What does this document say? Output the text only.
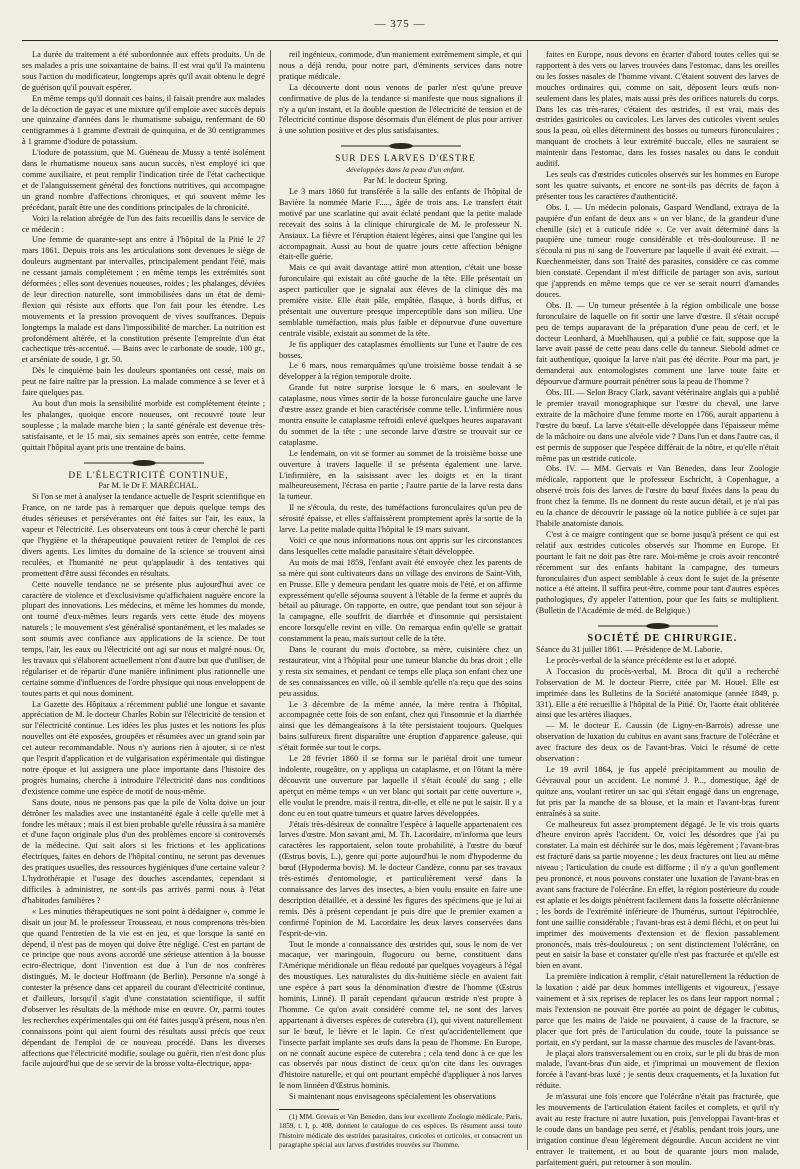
— 375 —

La durée du traitement a été subordonnée aux effets produits. Un de ses malades a pris une soixantaine de bains. Il est vrai qu'il l'a maintenu sous l'action du modificateur, longtemps après qu'il avait obtenu le degré de guérison qu'il pouvait espérer.

En même temps qu'il donnait ces bains, il faisait prendre aux malades de la décoction de gayac et une mixture qu'il emploie avec succès depuis une quinzaine d'années dans le rhumatisme subaigu, renfermant de 60 centigrammes à 1 gramme d'extrait de quinquina, et de 30 centigrammes à 1 gramme d'iodure de potassium.

L'iodure de potassium, que M. Guéneau de Mussy a tenté isolément dans le rhumatisme noueux sans aucun succès, n'est employé ici que comme auxiliaire, et peut remplir l'indication tirée de l'état cachectique et de l'alanguissement général des fonctions nutritives, qui accompagne un grand nombre d'affections chroniques, et qui souvent même les précédant, paraît être une des conditions principales de la chronicité.

Voici la relation abrégée de l'un des faits recueillis dans le service de ce médecin :

Une femme de quarante-sept ans entre à l'hôpital de la Pitié le 27 mars 1861. Depuis trois ans les articulations sont devenues le siège de douleurs augmentant par intervalles, principalement pendant l'été, mais ne cessant jamais complétement ; en même temps les extrémités sont déformées ; elles sont devenues noueuses, roides ; les phalanges, déviées de leur direction naturelle, sont immobilisées dans un état de demi-flexion qui résiste aux efforts que l'on fait pour les étendre. Les mouvements et la pression provoquent de vives souffrances. Depuis longtemps la malade est dans l'impossibilité de marcher. La nutrition est profondément altérée, et la constitution présente l'empreinte d'un état cachectique très-accentué. — Bains avec le carbonate de soude, 100 gr., et arséniate de soude, 1 gr. 50.

Dès le cinquième bain les douleurs spontanées ont cessé, mais on peut ne faire naître par la pression. La malade commence à se lever et à faire quelques pas.

Au bout d'un mois la sensibilité morbide est complétement éteinte ; les phalanges, quoique encore noueuses, ont recouvré toute leur souplesse ; la malade marche bien ; la santé générale est devenue très-satisfaisante, et le 15 mai, six semaines après son entrée, cette femme quittait l'hôpital ayant pris une trentaine de bains.

DE L'ÉLECTRICITÉ CONTINUE,

Par M. le Dr F. MARÉCHAL.

Si l'on se met à analyser la tendance actuelle de l'esprit scientifique en France, on ne tarde pas à remarquer que depuis quelque temps des études sérieuses et persévérantes ont été faites sur l'air, les eaux, la vapeur et l'électricité. Les observateurs ont tous à cœur cherché le parti que l'hygiène et la thérapeutique pouvaient retirer de l'emploi de ces divers agents. Les limites du domaine de la science se trouvent ainsi reculées, et l'humanité ne peut qu'applaudir à des tentatives qui promettent d'être aussi fécondes en résultats.

Cette nouvelle tendance ne se présente plus aujourd'hui avec ce caractère de violence et d'exclusivisme qu'affichaient naguère encore la plupart des innovations. Les médecins, et même les hommes du monde, ont tourné d'eux-mêmes leurs regards vers cette étude des moyens naturels ; le mouvement s'est généralisé spontanément, et les malades se sont soumis avec confiance aux applications de la science. De tout temps, l'air, les eaux ou l'électricité ont agi sur nous et malgré nous. Or, les travaux qui s'élaborent actuellement n'ont d'autre but que d'utiliser, de régulariser et de répartir d'une manière infiniment plus rationnelle une certaine somme d'influences de l'ordre physique qui nous enveloppent de toutes parts et qui nous dominent.

La Gazette des Hôpitaux a récemment publié une longue et savante appréciation de M. le docteur Charles Robin sur l'électricité de tension et sur l'électricité continue. Les idées les plus justes et les notions les plus nouvelles ont été exposées, groupées et résumées avec un grand soin par cet auteur recommandable. Nous n'y aurions rien à ajouter, si ce n'est que l'esprit d'application et de vulgarisation expérimentale qui distingue notre époque et lui assignera une place importante dans l'histoire des progrès humains, cherche à introduire l'électricité dans nos conditions d'existence comme une espèce de motif de nous-même.

Sans doute, nous ne pensons pas que la pile de Volta doive un jour détrôner les maladies avec une instantanéité égale à celle qu'elle met à fondre les métaux ; mais il est bien probable qu'elle réussira à sa manière et d'une façon originale plus d'un des problèmes encore si controversés de la médecine. Qui sait alors si les frictions et les applications électriques, faites en dehors de l'hôpital continu, ne seront pas devenues des pratiques usuelles, des ressources hygiéniques d'une certaine valeur ? L'hydrothérapie et l'usage des douches ascendantes, cependant si difficiles à administrer, ne sont-ils pas arrivés parmi nous à l'état d'habitudes familières ?

« Les minuties thérapeutiques ne sont point à dédaigner », comme le disait un jour M. le professeur Trousseau, et nous comprenons très-bien que quand l'entretien de la vie est en jeu, et que lorsque la santé en dépend, il n'est pas de moyen qui doive être négligé. C'est en partant de ce principe que nous avons accordé une sérieuse attention à la bousse ectro-électrique, dont l'invention est due à l'un de nos confrères distingués, M. le docteur Hoffmann (de Berlin). Personne n'a songé à contester la présence dans cet appareil du courant d'électricité continue, et d'ailleurs, lorsqu'il s'agit d'une constatation scientifique, il suffit d'observer les résultats de la méthode mise en œuvre. Or, parmi toutes les recherches expérimentales qui ont été faites jusqu'à présent, nous n'en connaissons point qui aient fourni des résultats aussi précis que ceux dépendant de l'emploi de ce nouveau procédé. Dans les diverses affections que l'électricité modifie, soulage ou guérit, rien n'est donc plus facile aujourd'hui que de se servir de la brosse volta-électrique, appa-

reil ingénieux, commode, d'un maniement extrêmement simple, et qui nous a déjà rendu, pour notre part, d'éminents services dans notre pratique médicale.

La découverte dont nous venons de parler n'est qu'une preuve confirmative de plus de la tendance si manifeste que nous signalions il n'y a qu'un instant, et la double question de l'électricité de tension et de l'électricité continue dispose désormais d'un élément de plus pour arriver à une solution positive et des plus satisfaisantes.

SUR DES LARVES D'ŒSTRE

développées dans la peau d'un enfant.

Par M. le docteur Spring.

Le 3 mars 1860 fut transférée à la salle des enfants de l'hôpital de Bavière la nommée Marie F....., âgée de trois ans. Le transfert était motivé par une scarlatine qui avait éclaté pendant que la petite malade recevait des soins à la clinique chirurgicale de M. le professeur N. Ansiaux. La fièvre et l'éruption étaient légères, ainsi que l'angine qui les accompagnait. Aussi au bout de quatre jours cette affection bénigne était-elle guérie.

Mais ce qui avait davantage attiré mon attention, c'était une bosse furonculaire qui existait au côté gauche de la tête. Elle présentait un aspect particulier que je signalai aux élèves de la clinique dès ma première visite. Elle était pâle, empâtée, flasque, à bords diffus, et présentait une ouverture presque imperceptible dans son milieu. Une semblable tuméfaction, mais plus faible et dépourvue d'une ouverture centrale visible, existait au sommet de la tête.

Je fis appliquer des cataplasmes émollients sur l'une et l'autre de ces bosses.

Le 6 mars, nous remarquâmes qu'une troisième bosse tendait à se développer à la région temporale droite.

Grande fut notre surprise lorsque le 6 mars, en soulevant le cataplasme, nous vîmes sortir de la bosse furonculaire gauche une larve d'œstre assez grande et bien caractérisée comme telle. L'infirmière nous montra ensuite le cataplasme refroidi enlevé quelques heures auparavant du sommet de la tête ; une seconde larve d'œstre se trouvait sur ce cataplasme.

Le lendemain, on vit se former au sommet de la troisième bosse une ouverture à travers laquelle il se présenta également une larve. L'infirmière, en la saisissant avec les doigts et en la tirant malheureusement, l'écrasa en partie ; l'autre partie de la larve resta dans la tumeur.

Il ne s'écoula, du reste, des tuméfactions furonculaires qu'un peu de sérosité épaisse, et elles s'affaissèrent promptement après la sortie de la larve. La petite malade quitta l'hôpital le 19 mars suivant.

Voici ce que nous informations nous ont appris sur les circonstances dans lesquelles cette maladie parasitaire s'était développée.

Au mois de mai 1859, l'enfant avait été envoyée chez les parents de sa mère qui sont cultivateurs dans un village des environs de Saint-Vith, en Prusse. Elle y demeura pendant les quatre mois de l'été, et on affirme expressément qu'elle séjourna souvent à l'étable de la ferme et auprès du bétail au pâturage. On rapporte, en outre, que pendant tout son séjour à la campagne, elle souffrit de diarrhée et d'insomnie qui persistaient encore lorsqu'elle revint en ville. On remarqua enfin qu'elle se grattait constamment la peau, mais surtout celle de la tête.

Dans le courant du mois d'octobre, sa mère, cuisinière chez un restaurateur, vint à l'hôpital pour une tumeur blanche du bras droit ; elle y resta six semaines, et pendant ce temps elle plaça son enfant chez une de ses connaissances en ville, où il semble qu'elle n'a reçu que des soins peu assidus.

Le 3 décembre de la même année, la mère rentra à l'hôpital, accompagnée cette fois de son enfant, chez qui l'insomnie et la diarrhée ainsi que les démangeaisons à la tête persistaient toujours. Quelques bains sulfureux firent disparaître une éruption d'apparence galeuse, qui s'était formée sur tout le corps.

Le 28 février 1860 il se forma sur le pariétal droit une tumeur indolente, rougeâtre, on y appliqua un cataplasme, et on l'ôtant la mère découvrit une ouverture par laquelle il s'était écoulé du sang ; elle aperçut en même temps « un ver blanc qui sortait par cette ouverture », elle voulut le prendre, mais il rentra, dit-elle, et elle ne put le saisir. Il y a donc eu en tout quatre tumeurs et quatre larves développées.

J'étais très-désireux de connaître l'espèce à laquelle appartenaient ces larves d'œstre. Mon savant ami, M. Th. Lacordaire, m'informa que leurs caractères les rapportaient, selon toute probabilité, à l'œstre du bœuf (Œstrus bovis, L.), genre qui porte aujourd'hui le nom d'hypoderme du bœuf (Hypoderma bovis). M. le docteur Candèze, connu par ses travaux très-estimés d'entomologie, et particulièrement versé dans la connaissance des larves des insectes, a bien voulu ensuite en faire une description détaillée, et a dessiné les figures des spécimens que je lui ai remis. Dès à présent cependant je puis dire que le premier examen a confirmé l'opinion de M. Lacordaire les deux larves conservées dans l'esprit-de-vin.

Tout le monde a connaissance des œstrides qui, sous le nom de ver macaque, ver maringouin, flugocuru ou berne, constituent dans l'Amérique méridionale un fléau redouté par quelques voyageurs à l'égal des moustiques. Les naturalistes du dix-huitième siècle en avaient fait une espèce à part sous la dénomination d'œstre de l'homme (Œstrus hominis, Linné). Il paraît cependant qu'aucun œstride n'est propre à l'homme. Ce qu'on avait considéré comme tel, ne sont des larves appartenant à diverses espèces de cuterebra (1), qui vivent naturellement sur le bœuf, le lièvre et le lapin. Ce n'est qu'accidentellement que l'insecte parfait implante ses œufs dans la peau de l'homme. En Europe, on ne connaît aucune espèce de cuterebra ; cela tend donc à ce que les cas observés par nous distinct de ceux qu'on cite dans les ouvrages d'histoire naturelle, et qui ont pourtant empêché d'appliquer à nos larves le nom linnéen d'Œstrus hominis.

Si maintenant nous envisageons spécialement les observations

(1) MM. Grevais et Van Beneden, dans leur excellente Zoologie médicale, Paris, 1859, t. I, p. 408, donnent le catalogue de ces espèces. Ils résument aussi toute l'histoire médicale des œstrides parasitaires, cuticoles et cuticoles, et consacrent un paragraphe spécial aux larves d'œstrides trouvées sur l'homme.

faites en Europe, nous devons en écarter d'abord toutes celles qui se rapportent à des vers ou larves trouvées dans l'estomac, dans les oreilles ou les fosses nasales de l'homme vivant. C'étaient souvent des larves de mouches ordinaires qui, comme on sait, déposent leurs œufs non-seulement dans les plaies, mais aussi près des orifices naturels du corps. Dans les cas très-rares, c'étaient des œstrides, il est vrai, mais des œstrides gastricoles ou cavicoles. Les larves des cuticoles vivent seules sous la peau, où elles déterminent des bosses ou tumeurs furonculaires ; manquant de crochets à leur extrémité buccale, elles ne sauraient se maintenir dans l'estomac, dans les fosses nasales ou dans le conduit auditif.

Les seuls cas d'œstrides cuticoles observés sur les hommes en Europe sont les quatre suivants, et encore ne sont-ils pas décrits de façon à présenter tous les caractères d'authenticité.

Obs. I. — Un médecin polonais, Gaspard Wendland, extraya de la paupière d'un enfant de deux ans « un ver blanc, de la grandeur d'une chenille (sic) et à cuticule ridée ». Ce ver avait déterminé dans la paupière une tumeur rouge considérable et très-douloureuse. Il ne s'écoula ni pus ni sang de l'ouverture par laquelle il avait été extrait. — Kuechenmeister, dans son Traité des parasites, considère ce cas comme bien constaté. Cependant il m'est difficile de partager son avis, surtout que j'apprends en même temps que ce ver se serait nourri d'amandes douces.

Obs. II. — Un tumeur présentée à la région ombilicale une bosse furonculaire de laquelle on fit sortir une larve d'œstre. Il s'était occupé peu de temps auparavant de la préparation d'une peau de cerf, et le docteur Leonhard, à Muehlhausen, qui a publié ce fait, suppose que la larve avait passé de cette peau dans celle du tanneur. Siebold admet ce fait authentique, quoique la larve n'ait pas été décrite. Pour ma part, je demanderai aux entomologistes comment une larve toute faite et dépourvue d'armure pourrait pénétrer sous la peau de l'homme ?

Obs. III. — Selon Bracy Clark, savant vétérinaire anglais qui a publié le premier travail monographique sur l'œstre du cheval, une larve extraite de la mâchoire d'une femme morte en 1766, aurait appartenu à l'œstre du bœuf. La larve s'était-elle développée dans l'épaisseur même de la mâchoire ou dans une alvéole vide ? Dans l'un et dans l'autre cas, il est permis de supposer que l'espèce différait de la nôtre, et qu'elle n'était même pas un œstride cuticole.

Obs. IV. — MM. Gervais et Van Beneden, dans leur Zoologie médicale, rapportent que le professeur Eschricht, à Copenhague, a observé trois fois des larves de l'œstre du bœuf fixées dans la peau du front chez la femme. Ils ne donnent du reste aucun détail, et je n'ai pas eu la chance de découvrir le passage où la notice publiée à ce sujet par l'habile anatomiste danois.

C'est à ce maigre contingent que se borne jusqu'à présent ce qui est relatif aux œstrides cuticoles observés sur l'homme en Europe. Et pourtant le fait ne doit pas être rare. Moi-même je crois avoir rencontré récemment sur des enfants habitant la campagne, des tumeurs furonculaires d'un aspect semblable à ceux dont le sujet de la présente notice a été atteint. Il suffira peut-être, comme pour tant d'autres espèces pathologiques, d'y appeler l'attention, pour que les faits se multiplient. (Bulletin de l'Académie de méd. de Belgique.)

SOCIÉTÉ DE CHIRURGIE.

Séance du 31 juillet 1861. — Présidence de M. Laborie.

Le procès-verbal de la séance précédente est lu et adopté.

A l'occasion du procès-verbal, M. Broca dit qu'il a recherché l'observation de M. le docteur Pierre, citée par M. Houel. Elle est imprimée dans les Bulletins de la Société anatomique (année 1849, p. 331). Elle a été recueillie à l'hôpital de la Pitié. Or, l'aorte était oblitérée ainsi que les artères iliaques.

— M. le docteur E. Caussin (de Ligny-en-Barrois) adresse une observation de luxation du cubitus en avant sans fracture de l'olécrâne et avec fracture des deux os de l'avant-bras. Voici le résumé de cette observation :

Le 19 avril 1864, je fus appelé précipitamment au moulin de Gévrauval pour un accident. Le nommé J. P..., domestique, âgé de quinze ans, voulant retirer un sac qui s'était engagé dans un engrenage, fut pris par la manche de sa blouse, et la main et l'avant-bras furent entraînés à sa suite.

Ce malheureux fut assez promptement dégagé. Je le vis trois quarts d'heure environ après l'accident. Or, voici les désordres que j'ai pu constater. La main est déchirée sur le dos, mais légèrement ; l'avant-bras est fracturé dans sa partie moyenne ; les deux fractures ont lieu au même niveau ; l'articulation du coude est difforme ; il n'y a qu'un gonflement peu prononcé, et nous pouvons constater une luxation de l'avant-bras en avant sans fracture de l'olécrâne. En effet, la région postérieure du coude est aplatie et les doigts pénètrent facilement dans la fossette olécrânienne ; les bords de l'extrémité inférieure de l'humérus, surtout l'épitrochlée, font une saillie considérable ; l'avant-bras est à demi fléchi, et on peut lui imprimer des mouvements d'extension et de flexion passablement prononcés, mais très-douloureux ; on sent distinctement l'olécrâne, on peut en saisir la base et constater qu'elle n'est pas fracturée et qu'elle est bien en avant.

La première indication à remplir, c'était naturellement la réduction de la luxation ; aidé par deux hommes intelligents et vigoureux, j'essaye vainement et à six reprises de replacer les os dans leur rapport normal ; mais l'extension ne pouvait être portée au point de dégager le cubitus, parce que les mains de l'aide ne pouvaient, à cause de la fracture, se placer que fort près de l'articulation du coude, toute la puissance se portait, en s'y perdant, sur la masse charnue des muscles de l'avant-bras.

Je plaçai alors transversalement ou en croix, sur le pli du bras de mon malade, l'avant-bras d'un aide, et j'imprimai un mouvement de flexion forcée à l'avant-bras luxé ; je sentis deux craquements, et la luxation fut réduite.

Je m'assurai une fois encore que l'olécrâne n'était pas fracturée, que les mouvements de l'articulation étaient faciles et complets, et qu'il n'y avait au reste fracture ni autre luxation, puis j'enveloppai l'avant-bras et le coude dans un bandage peu serré, et j'établis, pendant trois jours, une irrigation continue d'eau légèrement dégourdie. Aucun accident ne vint entraver le traitement, et au bout de quarante jours mon malade, parfaitement guéri, put retourner à son moulin.
